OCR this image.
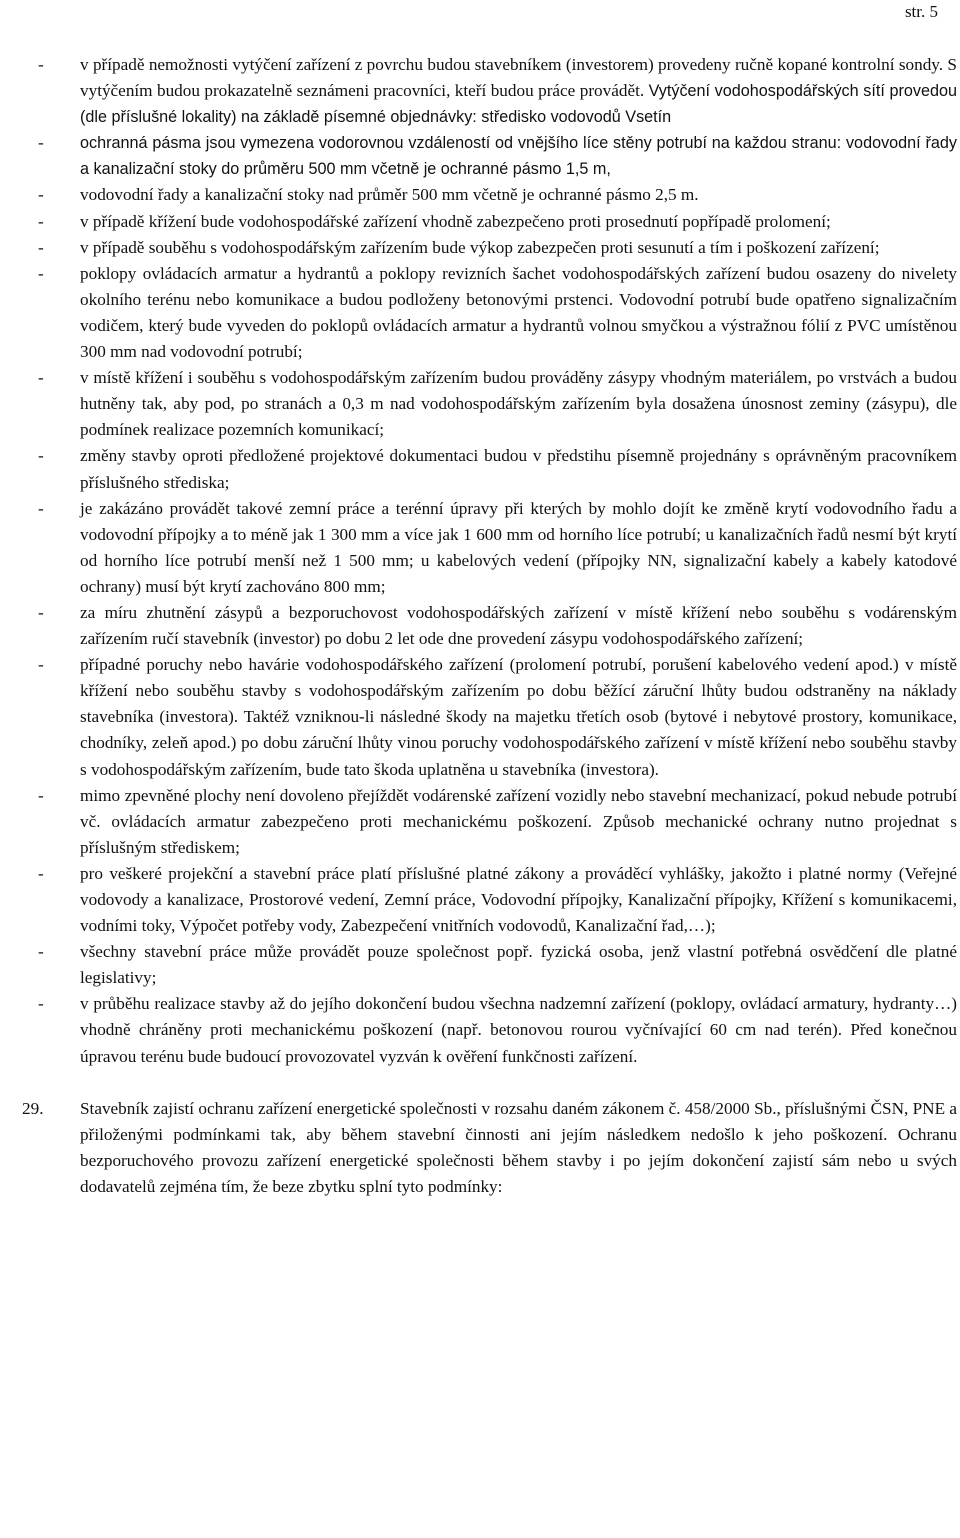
str. 5
- v případě nemožnosti vytýčení zařízení z povrchu budou stavebníkem (investorem) provedeny ručně kopané kontrolní sondy. S vytýčením budou prokazatelně seznámeni pracovníci, kteří budou práce provádět. Vytýčení vodohospodářských sítí provedou (dle příslušné lokality) na základě písemné objednávky: středisko vodovodů Vsetín

- ochranná pásma jsou vymezena vodorovnou vzdáleností od vnějšího líce stěny potrubí na každou stranu: vodovodní řady a kanalizační stoky do průměru 500 mm včetně je ochranné pásmo 1,5 m,

- vodovodní řady a kanalizační stoky nad průměr 500 mm včetně je ochranné pásmo 2,5 m.

- v případě křížení bude vodohospodářské zařízení vhodně zabezpečeno proti prosednutí popřípadě prolomení;

- v případě souběhu s vodohospodářským zařízením bude výkop zabezpečen proti sesunutí a tím i poškození zařízení;

- poklopy ovládacích armatur a hydrantů a poklopy revizních šachet vodohospodářských zařízení budou osazeny do nivelety okolního terénu nebo komunikace a budou podloženy betonovými prstenci. Vodovodní potrubí bude opatřeno signalizačním vodičem, který bude vyveden do poklopů ovládacích armatur a hydrantů volnou smyčkou a výstražnou fólií z PVC umístěnou 300 mm nad vodovodní potrubí;

- v místě křížení i souběhu s vodohospodářským zařízením budou prováděny zásypy vhodným materiálem, po vrstvách a budou hutněny tak, aby pod, po stranách a 0,3 m nad vodohospodářským zařízením byla dosažena únosnost zeminy (zásypu), dle podmínek realizace pozemních komunikací;

- změny stavby oproti předložené projektové dokumentaci budou v předstihu písemně projednány s oprávněným pracovníkem příslušného střediska;

- je zakázáno provádět takové zemní práce a terénní úpravy při kterých by mohlo dojít ke změně krytí vodovodního řadu a vodovodní přípojky a to méně jak 1 300 mm a více jak 1 600 mm od horního líce potrubí; u kanalizačních řadů nesmí být krytí od horního líce potrubí menší než 1 500 mm; u kabelových vedení (přípojky NN, signalizační kabely a kabely katodové ochrany) musí být krytí zachováno 800 mm;

- za míru zhutnění zásypů a bezporuchovost vodohospodářských zařízení v místě křížení nebo souběhu s vodárenským zařízením ručí stavebník (investor) po dobu 2 let ode dne provedení zásypu vodohospodářského zařízení;

- případné poruchy nebo havárie vodohospodářského zařízení (prolomení potrubí, porušení kabelového vedení apod.) v místě křížení nebo souběhu stavby s vodohospodářským zařízením po dobu běžící záruční lhůty budou odstraněny na náklady stavebníka (investora). Taktéž vzniknou-li následné škody na majetku třetích osob (bytové i nebytové prostory, komunikace, chodníky, zeleň apod.) po dobu záruční lhůty vinou poruchy vodohospodářského zařízení v místě křížení nebo souběhu stavby s vodohospodářským zařízením, bude tato škoda uplatněna u stavebníka (investora).

- mimo zpevněné plochy není dovoleno přejíždět vodárenské zařízení vozidly nebo stavební mechanizací, pokud nebude potrubí vč. ovládacích armatur zabezpečeno proti mechanickému poškození. Způsob mechanické ochrany nutno projednat s příslušným střediskem;

- pro veškeré projekční a stavební práce platí příslušné platné zákony a prováděcí vyhlášky, jakožto i platné normy (Veřejné vodovody a kanalizace, Prostorové vedení, Zemní práce, Vodovodní přípojky, Kanalizační přípojky, Křížení s komunikacemi, vodními toky, Výpočet potřeby vody, Zabezpečení vnitřních vodovodů, Kanalizační řad,…);

- všechny stavební práce může provádět pouze společnost popř. fyzická osoba, jenž vlastní potřebná osvědčení dle platné legislativy;

- v průběhu realizace stavby až do jejího dokončení budou všechna nadzemní zařízení (poklopy, ovládací armatury, hydranty…) vhodně chráněny proti mechanickému poškození (např. betonovou rourou vyčnívající 60 cm nad terén). Před konečnou úpravou terénu bude budoucí provozovatel vyzván k ověření funkčnosti zařízení.

29. Stavebník zajistí ochranu zařízení energetické společnosti v rozsahu daném zákonem č. 458/2000 Sb., příslušnými ČSN, PNE a přiloženými podmínkami tak, aby během stavební činnosti ani jejím následkem nedošlo k jeho poškození. Ochranu bezporuchového provozu zařízení energetické společnosti během stavby i po jejím dokončení zajistí sám nebo u svých dodavatelů zejména tím, že beze zbytku splní tyto podmínky:
